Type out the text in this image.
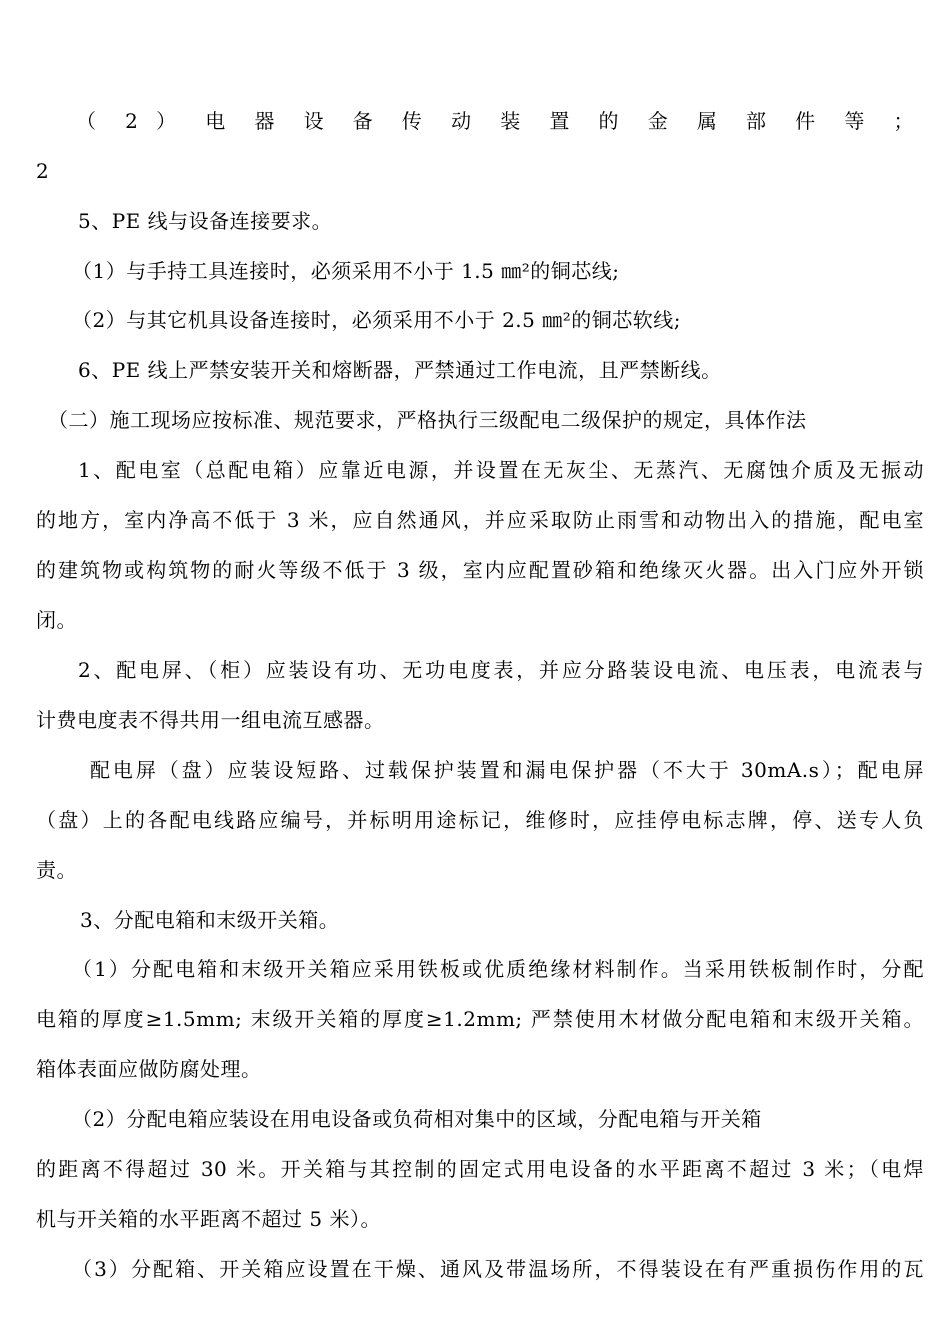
（ 2 ） 电 器 设 备 传 动 装 置 的 金 属 部 件 等 ；
2
5、PE 线与设备连接要求。
（1）与手持工具连接时，必须采用不小于 1.5 ㎜²的铜芯线;
（2）与其它机具设备连接时，必须采用不小于 2.5 ㎜²的铜芯软线;
6、PE 线上严禁安装开关和熔断器，严禁通过工作电流，且严禁断线。
（二）施工现场应按标准、规范要求，严格执行三级配电二级保护的规定，具体作法
1、配电室（总配电箱）应靠近电源，并设置在无灰尘、无蒸汽、无腐蚀介质及无振动
的地方，室内净高不低于 3 米，应自然通风，并应采取防止雨雪和动物出入的措施，配电室
的建筑物或构筑物的耐火等级不低于 3 级，室内应配置砂箱和绝缘灭火器。出入门应外开锁
闭。
2、配电屏、（柜）应装设有功、无功电度表，并应分路装设电流、电压表，电流表与
计费电度表不得共用一组电流互感器。
配电屏（盘）应装设短路、过载保护装置和漏电保护器（不大于 30mA.s）；配电屏
（盘）上的各配电线路应编号，并标明用途标记，维修时，应挂停电标志牌，停、送专人负
责。
3、分配电箱和末级开关箱。
（1）分配电箱和末级开关箱应采用铁板或优质绝缘材料制作。当采用铁板制作时，分配
电箱的厚度≥1.5mm; 末级开关箱的厚度≥1.2mm; 严禁使用木材做分配电箱和末级开关箱。
箱体表面应做防腐处理。
（2）分配电箱应装设在用电设备或负荷相对集中的区域，分配电箱与开关箱
的距离不得超过 30 米。开关箱与其控制的固定式用电设备的水平距离不超过 3 米；（电焊
机与开关箱的水平距离不超过 5 米）。
（3）分配箱、开关箱应设置在干燥、通风及带温场所，不得装设在有严重损伤作用的瓦
